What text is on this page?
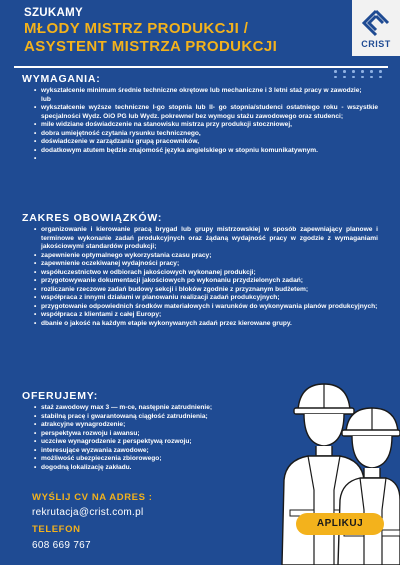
SZUKAMY
MŁODY MISTRZ PRODUKCJI / ASYSTENT MISTRZA PRODUKCJI	CRIST
WYMAGANIA:
• wykształcenie minimum średnie techniczne okrętowe lub mechaniczne i 3 letni staż pracy w zawodzie;
lub
• wykształcenie wyższe techniczne I-go stopnia lub II- go stopnia/studenci ostatniego roku - wszystkie specjalności Wydz. OiO PG lub Wydz. pokrewne/ bez wymogu stażu zawodowego oraz studenci;
• mile widziane doświadczenie na stanowisku mistrza przy produkcji stoczniowej,
• dobra umiejętność czytania rysunku technicznego,
• doświadczenie w zarządzaniu grupą pracowników,
• dodatkowym atutem będzie znajomość języka angielskiego w stopniu komunikatywnym.
•
ZAKRES OBOWIĄZKÓW:
• organizowanie i kierowanie pracą brygad lub grupy mistrzowskiej w sposób zapewniający planowe i terminowe wykonanie zadań produkcyjnych oraz żądaną wydajność pracy w zgodzie z wymaganiami jakościowymi standardów produkcji;
• zapewnienie optymalnego wykorzystania czasu pracy;
• zapewnienie oczekiwanej wydajności pracy;
• współuczestnictwo w odbiorach jakościowych wykonanej produkcji;
• przygotowywanie dokumentacji jakościowych po wykonaniu przydzielonych zadań;
• rozliczanie rzeczowe zadań budowy sekcji i bloków zgodnie z przyznanym budżetem;
• współpraca z innymi działami w planowaniu realizacji zadań produkcyjnych;
• przygotowanie odpowiednich środków materiałowych i warunków do wykonywania planów produkcyjnych;
• współpraca z klientami z całej Europy;
• dbanie o jakość na każdym etapie wykonywanych zadań przez kierowane grupy.
OFERUJEMY:
• staż zawodowy max 3 — m-ce, następnie zatrudnienie;
• stabilną pracę i gwarantowaną ciągłość zatrudnienia;
• atrakcyjne wynagrodzenie;
• perspektywa rozwoju i awansu;
• uczciwe wynagrodzenie z perspektywą rozwoju;
• interesujące wyzwania zawodowe;
• możliwość ubezpieczenia zbiorowego;
• dogodną lokalizację zakładu.
WYŚLIJ CV NA ADRES :
rekrutacja@crist.com.pl
TELEFON
608 669 767
APLIKUJ
